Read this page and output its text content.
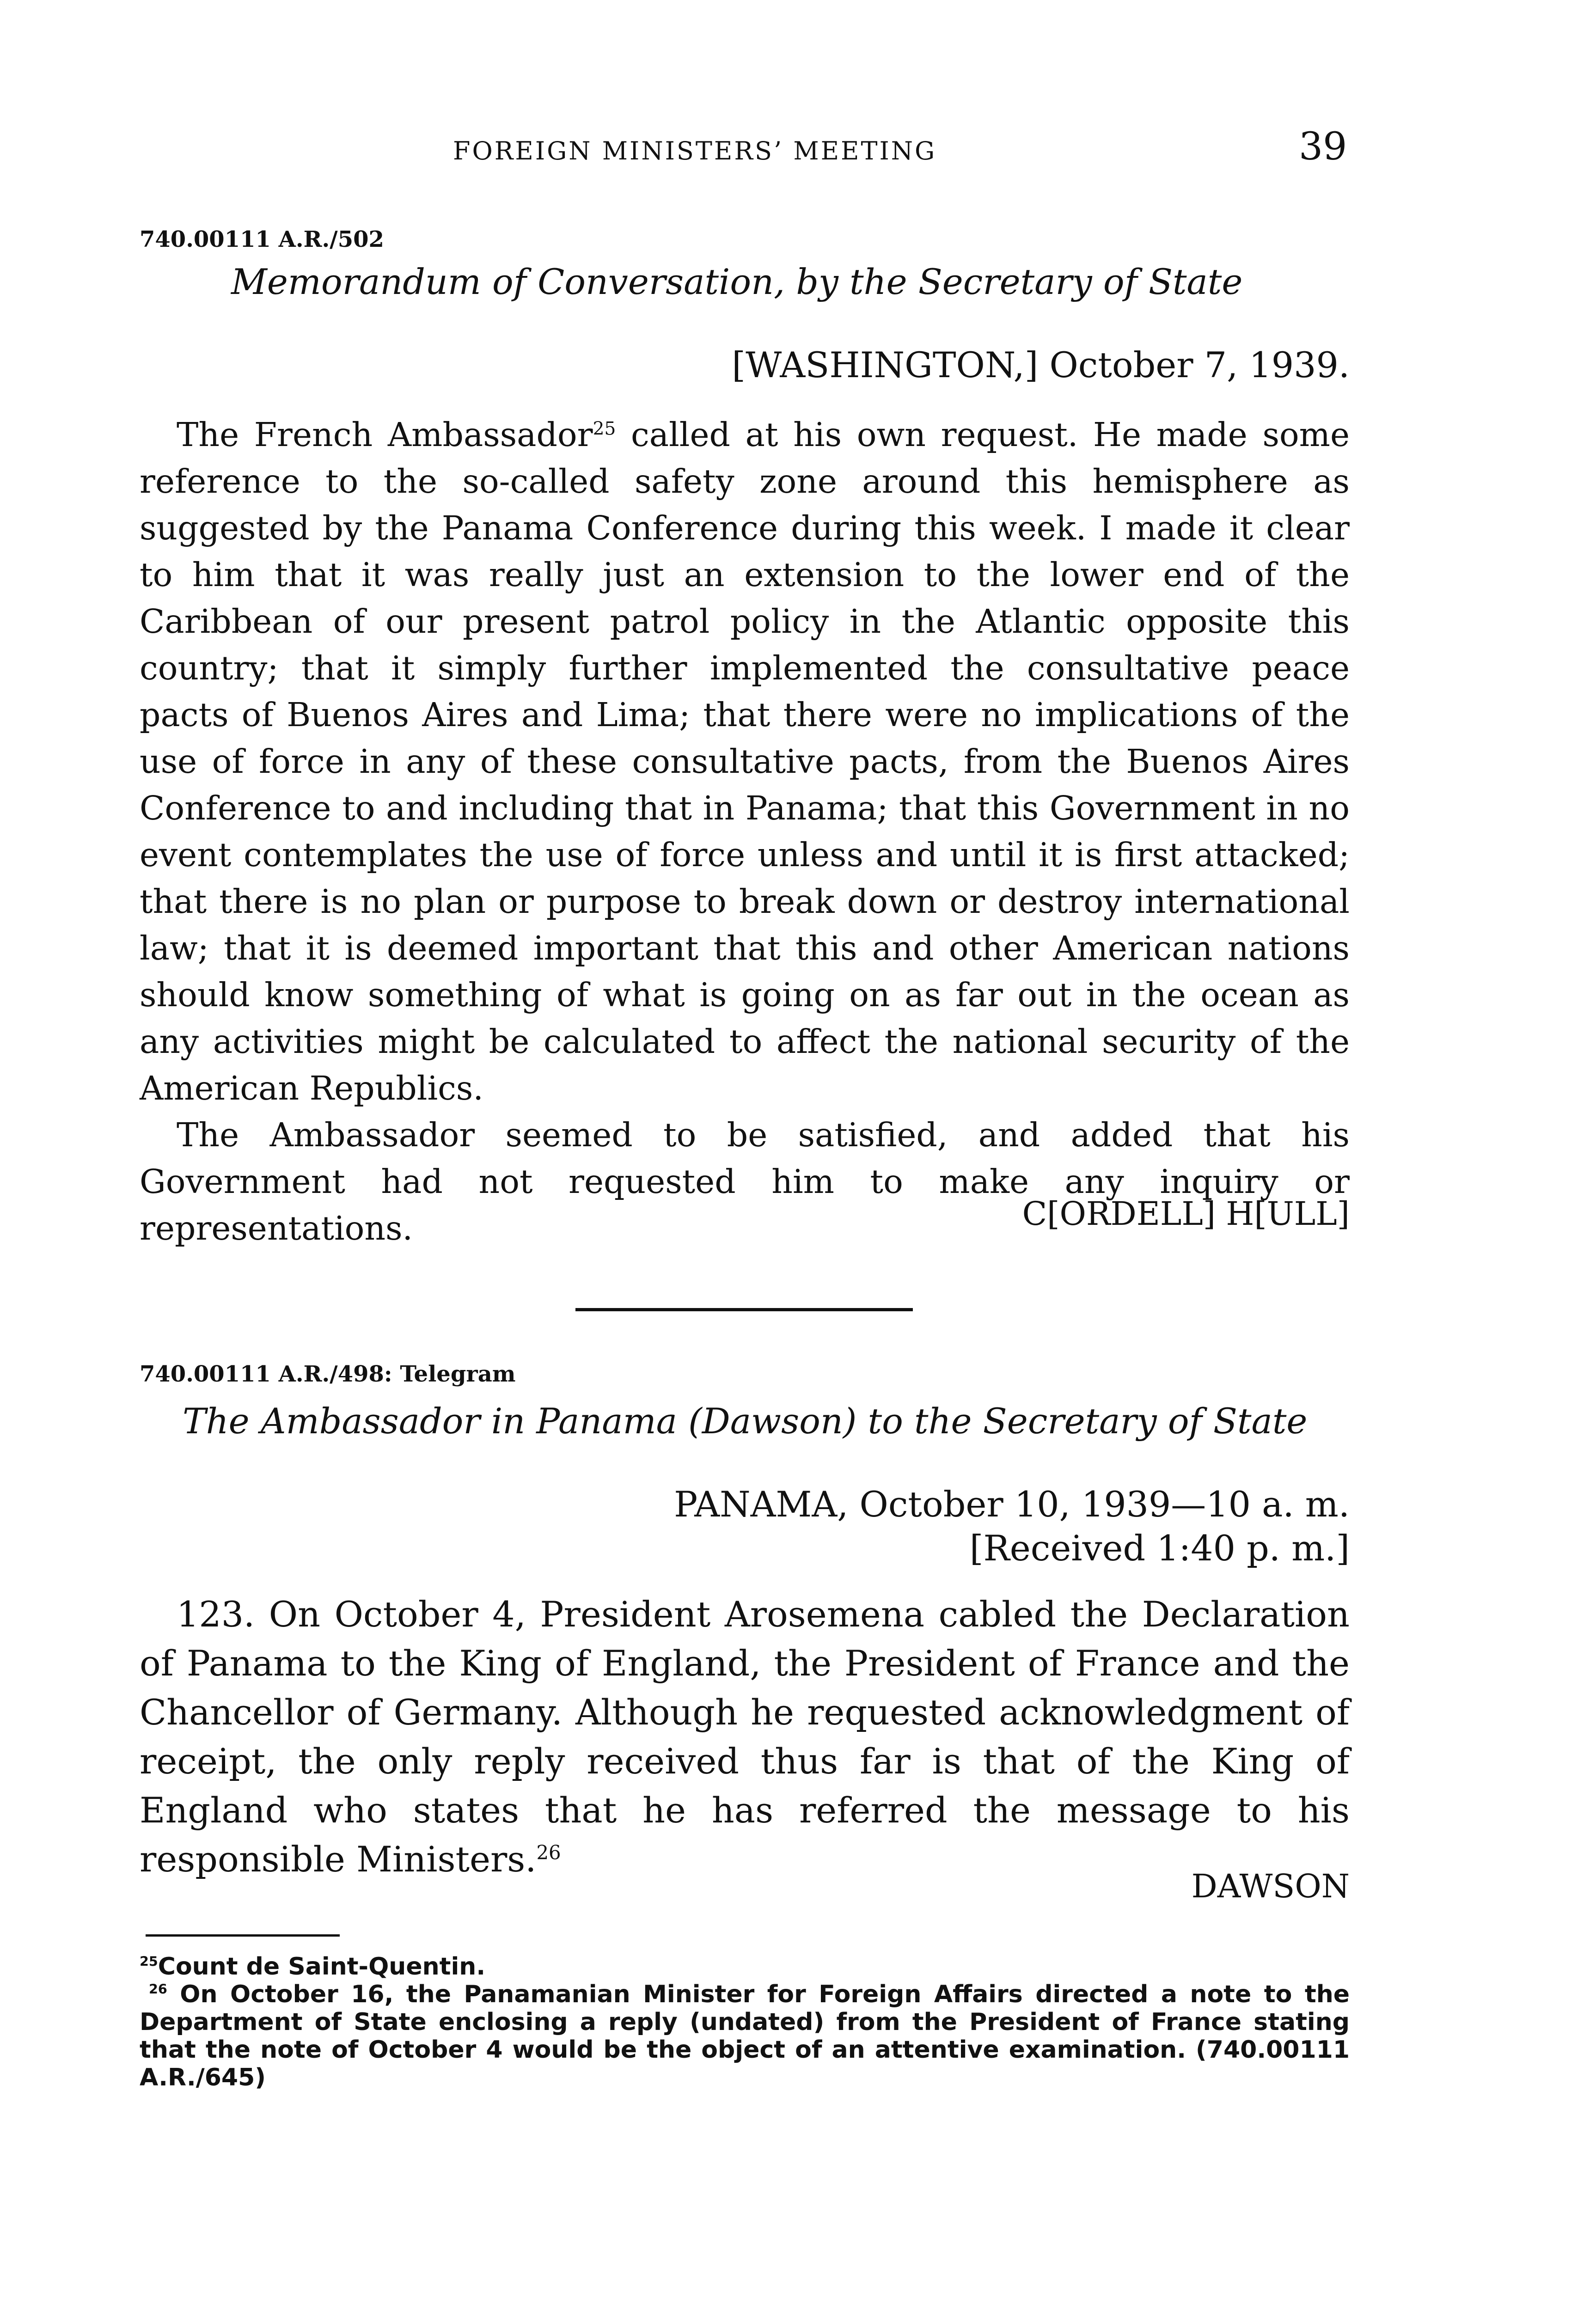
FOREIGN MINISTERS’ MEETING	39
740.00111 A.R./502
Memorandum of Conversation, by the Secretary of State
[WASHINGTON,] October 7, 1939.

The French Ambassador$^{25}$ called at his own request. He made some reference to the so-called safety zone around this hemisphere as suggested by the Panama Conference during this week. I made it clear to him that it was really just an extension to the lower end of the Caribbean of our present patrol policy in the Atlantic opposite this country; that it simply further implemented the consultative peace pacts of Buenos Aires and Lima; that there were no implications of the use of force in any of these consultative pacts, from the Buenos Aires Conference to and including that in Panama; that this Government in no event contemplates the use of force unless and until it is first attacked; that there is no plan or purpose to break down or destroy international law; that it is deemed important that this and other American nations should know something of what is going on as far out in the ocean as any activities might be calculated to affect the national security of the American Republics.

The Ambassador seemed to be satisfied, and added that his Government had not requested him to make any inquiry or representations.	C[ORDELL] H[ULL]
740.00111 A.R./498: Telegram
The Ambassador in Panama (Dawson) to the Secretary of State
PANAMA, October 10, 1939—10 a. m.
[Received 1:40 p. m.]

123. On October 4, President Arosemena cabled the Declaration of Panama to the King of England, the President of France and the Chancellor of Germany. Although he requested acknowledgment of receipt, the only reply received thus far is that of the King of England who states that he has referred the message to his responsible Ministers.$^{26}$

DAWSON
$^{25}$Count de Saint-Quentin.
$^{26}$ On October 16, the Panamanian Minister for Foreign Affairs directed a note to the Department of State enclosing a reply (undated) from the President of France stating that the note of October 4 would be the object of an attentive examination. (740.00111 A.R./645)
